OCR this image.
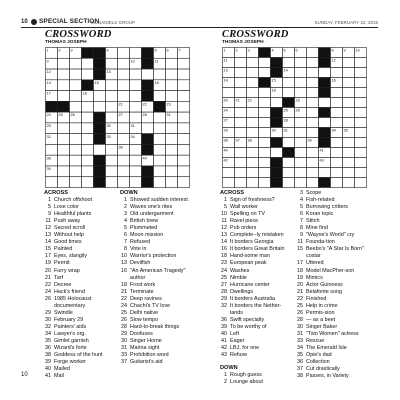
10 SPECIAL SECTION
MCDANIELS GROUP	SUNDAY, FEBRUARY 22, 2015
CROSSWORD
THOMAS JOSEPH
1	2	3	4	5	6	7
9	10	11
12	13
14	15	16
17	18	19
20	21	22	23
24 25 26	27	28	31
29	30	31
32	33	34
36	37
38	40
39	41
ACROSS
1 Church offshoot
5 Lose color
9 Healthful plants
11 Push away
12 Sacred scroll
13 Without help
14 Good times
15 Painted
17 Eyes, slangily
19 Permit
20 Furry wrap
21 Tarf
22 Decree
24 Hack's friend
26 1985 Holocaust
documentary
29 Swindle
30 February 29
32 Painters' aids
34 Lawyer's org.
35 Gimlet garnish
36 Wizard's forte
38 Goddess of the hunt
39 Forge worker
40 Mailed
41 Mail
DOWN
1 Showed sudden interest
2 Waves one's rites
3 Old undergarment
4 British brew
5 Plummeted
6 Moon mission
7 Refused
8 Vote in
10 Warrior's protection
13 Devilfish
16 "An American Tragedy"
author
18 Frost work
21 Terminate
22 Deep ravines
24 Chachi's TV love
25 Delhi native
26 Slow tempo
28 Hard-to-break things
29 Doofuses
30 Singer Horne
31 Marina sight
33 Prohibition word
37 Guitarist's aid
CROSSWORD
THOMAS JOSEPH
1	2	3	4	5	6	8	9	10
11	12
13	14
14	15	16
18	19
20 21 22	23
24	25 26
27	28
29	30 31	33 34 35
36 37 38	39
40	41
42	43
ACROSS
1 Sign of freshness?
5 Wall worker
10 Spelling on TV
11 Ravel piece
12 Pub orders
13 Complete--ly mistaken
14 It borders Georgia
16 It borders Great Britain
18 Hand-some man
23 European peak
24 Washes
25 Nimble
27 Hurricane center
28 Dwellings
29 It borders Australia
32 It borders the Nether-
lands
36 Swift specialty
39 To be worthy of
40 Left
41 Eager
42 LBJ, for one
43 Refuse
DOWN
1 Rough guess
2 Lounge about
3 Scope
4 Fish-related
5 Burrowing critters
6 Koran topic
7 Stitch
8 Mine find
9 "Wayne's World" cry
11 Founda-tion
15 Beebo's "A Star Is Born"
costar
17 Uttered
18 Model MacPher-son
19 Mimics
20 Actor Guinness
21 Belafonte song
22 Finished
25 Help in crime
26 Permis-sion
28 — as a beet
30 Singer Baker
31 "Two Women" actress
33 Rescue
34 The Emerald Isle
35 Opie's dad
36 Collection
37 Cut drastically
38 Passes, in Variety
10
